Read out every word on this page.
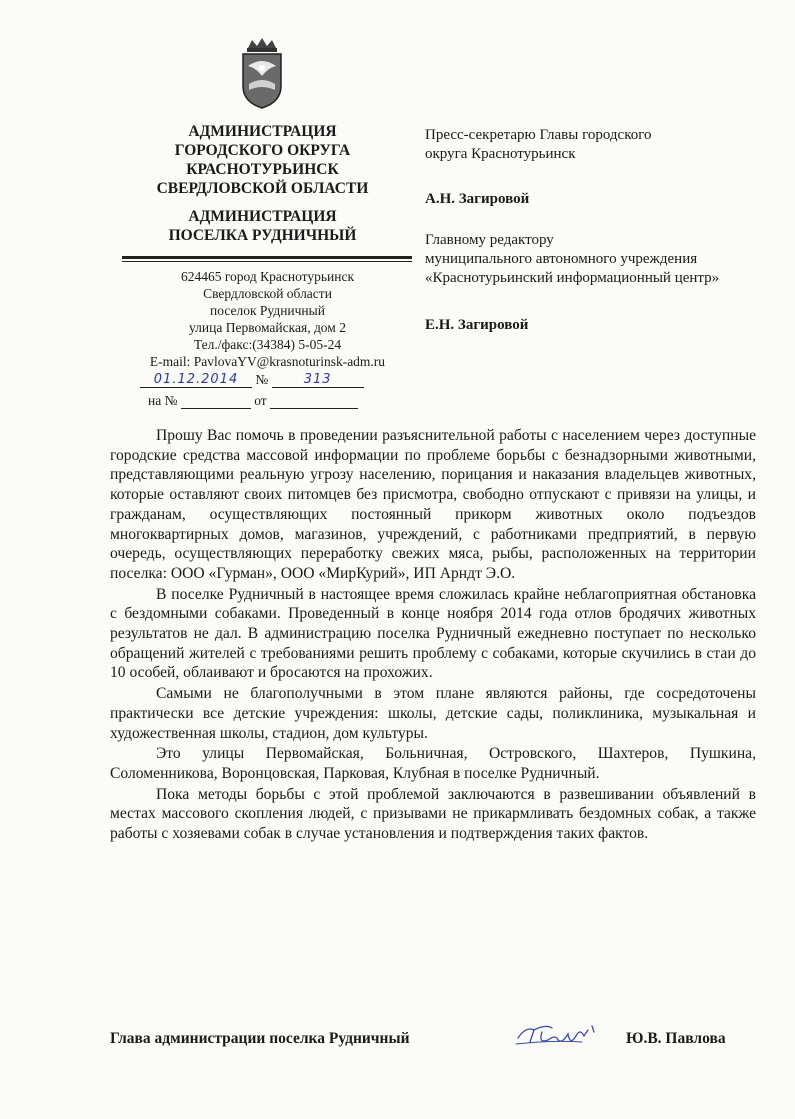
АДМИНИСТРАЦИЯ
ГОРОДСКОГО ОКРУГА
КРАСНОТУРЬИНСК
СВЕРДЛОВСКОЙ ОБЛАСТИ
АДМИНИСТРАЦИЯ
ПОСЕЛКА РУДНИЧНЫЙ
624465 город Краснотурьинск
Свердловской области
поселок Рудничный
улица Первомайская, дом 2
Тел./факс:(34384) 5-05-24
E-mail: PavlovaYV@krasnoturinsk-adm.ru
01.12.2014	№	313
на №	от
Пресс-секретарю Главы городского
округа Краснотурьинск
А.Н. Загировой
Главному редактору
муниципального автономного учреждения
«Краснотурьинский информационный центр»
Е.Н. Загировой

Прошу Вас помочь в проведении разъяснительной работы с населением через доступные городские средства массовой информации по проблеме борьбы с безнадзорными животными, представляющими реальную угрозу населению, порицания и наказания владельцев животных, которые оставляют своих питомцев без присмотра, свободно отпускают с привязи на улицы, и гражданам, осуществляющих постоянный прикорм животных около подъездов многоквартирных домов, магазинов, учреждений, с работниками предприятий, в первую очередь, осуществляющих переработку свежих мяса, рыбы, расположенных на территории поселка: ООО «Гурман», ООО «МирКурий», ИП Арндт Э.О.

В поселке Рудничный в настоящее время сложилась крайне неблагоприятная обстановка с бездомными собаками. Проведенный в конце ноября 2014 года отлов бродячих животных результатов не дал. В администрацию поселка Рудничный ежедневно поступает по несколько обращений жителей с требованиями решить проблему с собаками, которые скучились в стаи до 10 особей, облаивают и бросаются на прохожих.

Самыми не благополучными в этом плане являются районы, где сосредоточены практически все детские учреждения: школы, детские сады, поликлиника, музыкальная и художественная школы, стадион, дом культуры.

Это улицы Первомайская, Больничная, Островского, Шахтеров, Пушкина, Соломенникова, Воронцовская, Парковая, Клубная в поселке Рудничный.

Пока методы борьбы с этой проблемой заключаются в развешивании объявлений в местах массового скопления людей, с призывами не прикармливать бездомных собак, а также работы с хозяевами собак в случае установления и подтверждения таких фактов.

Глава администрации поселка Рудничный	Ю.В. Павлова
